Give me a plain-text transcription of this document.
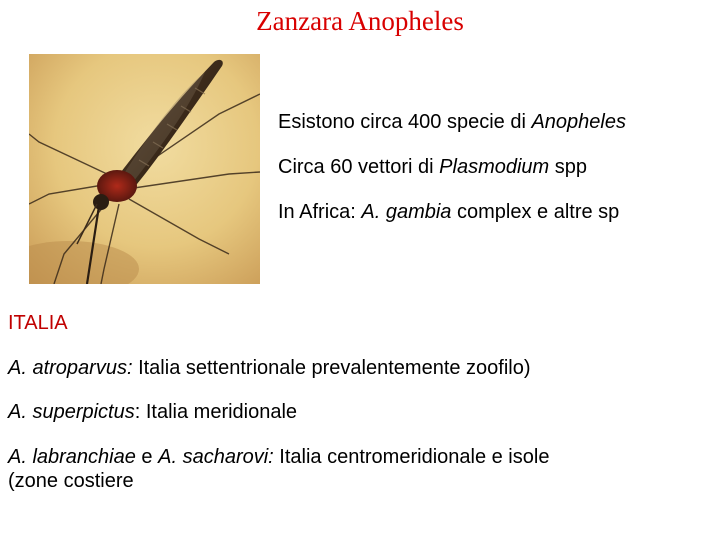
Zanzara Anopheles
Esistono circa 400 specie di Anopheles
Circa 60 vettori di Plasmodium spp
In Africa: A. gambia complex e altre sp
ITALIA
A. atroparvus: Italia settentrionale prevalentemente zoofilo)
A. superpictus: Italia meridionale
A. labranchiae e A. sacharovi: Italia centromeridionale e isole
(zone costiere
